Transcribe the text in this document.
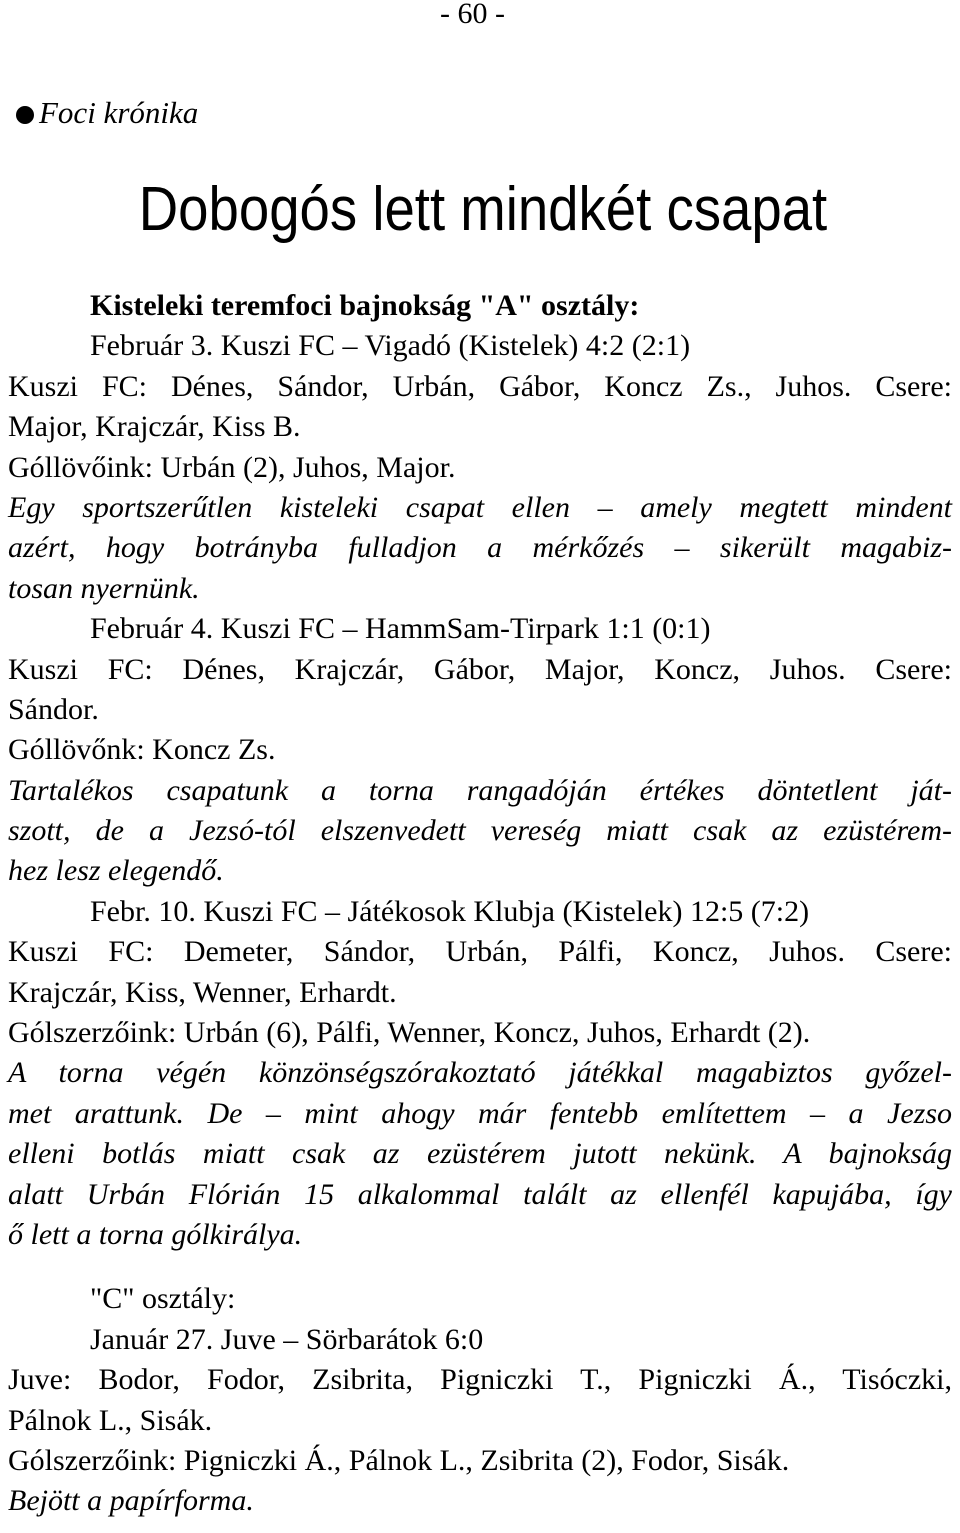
- 60 -
Foci krónika
Dobogós lett mindkét csapat
Kisteleki teremfoci bajnokság "A" osztály:
Február 3. Kuszi FC – Vigadó (Kistelek) 4:2 (2:1)
Kuszi FC: Dénes, Sándor, Urbán, Gábor, Koncz Zs., Juhos. Csere:
Major, Krajczár, Kiss B.
Góllövőink: Urbán (2), Juhos, Major.
Egy sportszerűtlen kisteleki csapat ellen – amely megtett mindent
azért, hogy botrányba fulladjon a mérkőzés – sikerült magabiz-
tosan nyernünk.
Február 4. Kuszi FC – HammSam-Tirpark 1:1 (0:1)
Kuszi FC: Dénes, Krajczár, Gábor, Major, Koncz, Juhos. Csere:
Sándor.
Góllövőnk: Koncz Zs.
Tartalékos csapatunk a torna rangadóján értékes döntetlent ját-
szott, de a Jezsó-tól elszenvedett vereség miatt csak az ezüstérem-
hez lesz elegendő.
Febr. 10. Kuszi FC – Játékosok Klubja (Kistelek) 12:5 (7:2)
Kuszi FC: Demeter, Sándor, Urbán, Pálfi, Koncz, Juhos. Csere:
Krajczár, Kiss, Wenner, Erhardt.
Gólszerzőink: Urbán (6), Pálfi, Wenner, Koncz, Juhos, Erhardt (2).
A torna végén könzönségszórakoztató játékkal magabiztos győzel-
met arattunk. De – mint ahogy már fentebb említettem – a Jezso
elleni botlás miatt csak az ezüstérem jutott nekünk. A bajnokság
alatt Urbán Flórián 15 alkalommal talált az ellenfél kapujába, így
ő lett a torna gólkirálya.
"C" osztály:
Január 27. Juve – Sörbarátok 6:0
Juve: Bodor, Fodor, Zsibrita, Pigniczki T., Pigniczki Á., Tisóczki,
Pálnok L., Sisák.
Gólszerzőink: Pigniczki Á., Pálnok L., Zsibrita (2), Fodor, Sisák.
Bejött a papírforma.
